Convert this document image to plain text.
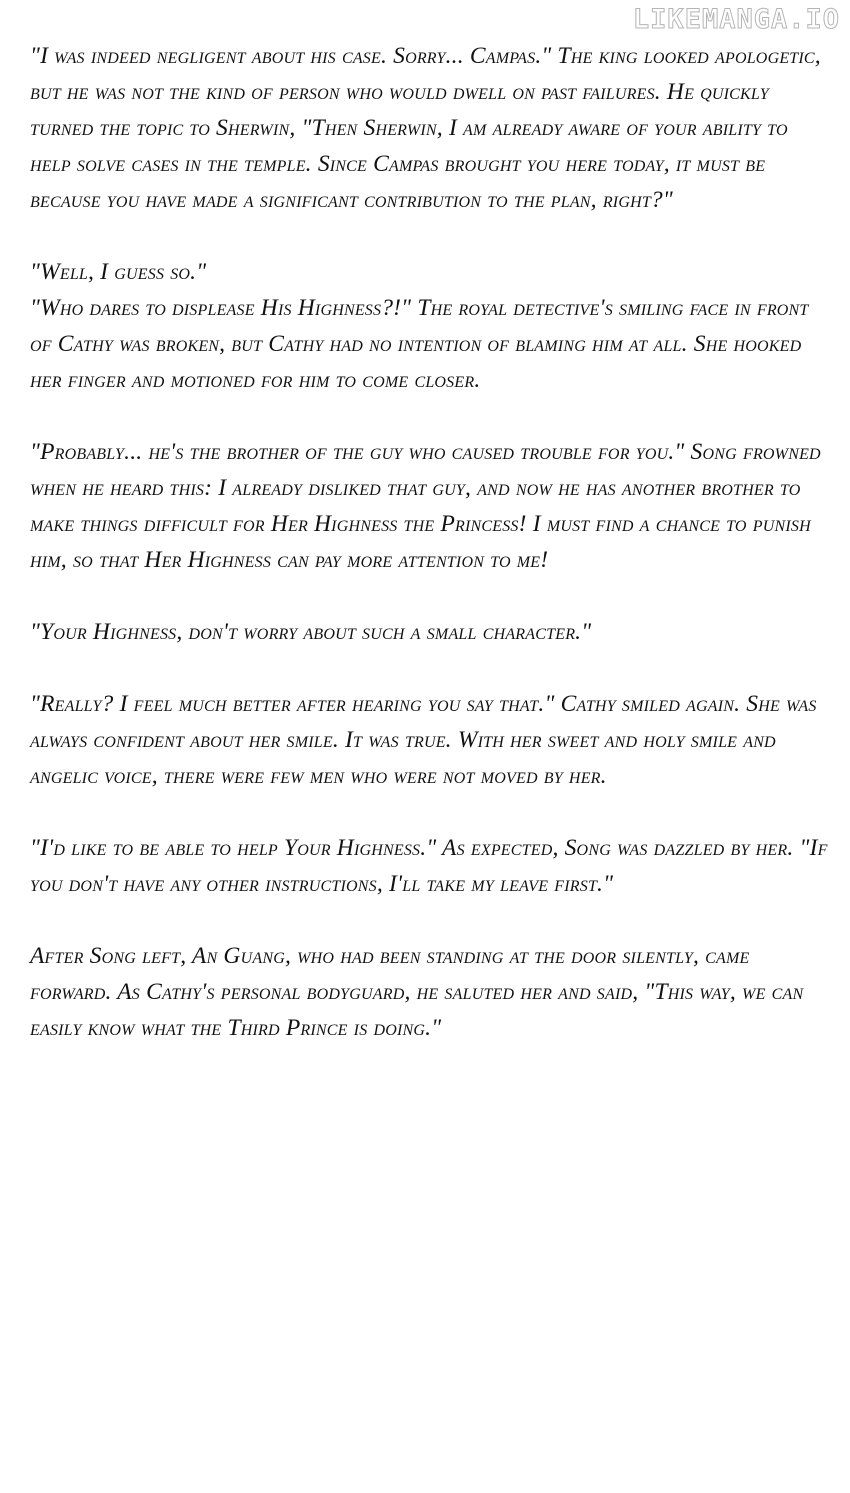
LIKEMANGA.IO

"I was indeed negligent about his case. Sorry... Campas." The king looked apologetic, but he was not the kind of person who would dwell on past failures. He quickly turned the topic to Sherwin, "Then Sherwin, I am already aware of your ability to help solve cases in the temple. Since Campas brought you here today, it must be because you have made a significant contribution to the plan, right?"

"Well, I guess so."

"Who dares to displease His Highness?!" The royal detective's smiling face in front of Cathy was broken, but Cathy had no intention of blaming him at all. She hooked her finger and motioned for him to come closer.

"Probably... he's the brother of the guy who caused trouble for you." Song frowned when he heard this: I already disliked that guy, and now he has another brother to make things difficult for Her Highness the Princess! I must find a chance to punish him, so that Her Highness can pay more attention to me!

"Your Highness, don't worry about such a small character."

"Really? I feel much better after hearing you say that." Cathy smiled again. She was always confident about her smile. It was true. With her sweet and holy smile and angelic voice, there were few men who were not moved by her.

"I'd like to be able to help Your Highness." As expected, Song was dazzled by her. "If you don't have any other instructions, I'll take my leave first."

After Song left, An Guang, who had been standing at the door silently, came forward. As Cathy's personal bodyguard, he saluted her and said, "This way, we can easily know what the Third Prince is doing."
